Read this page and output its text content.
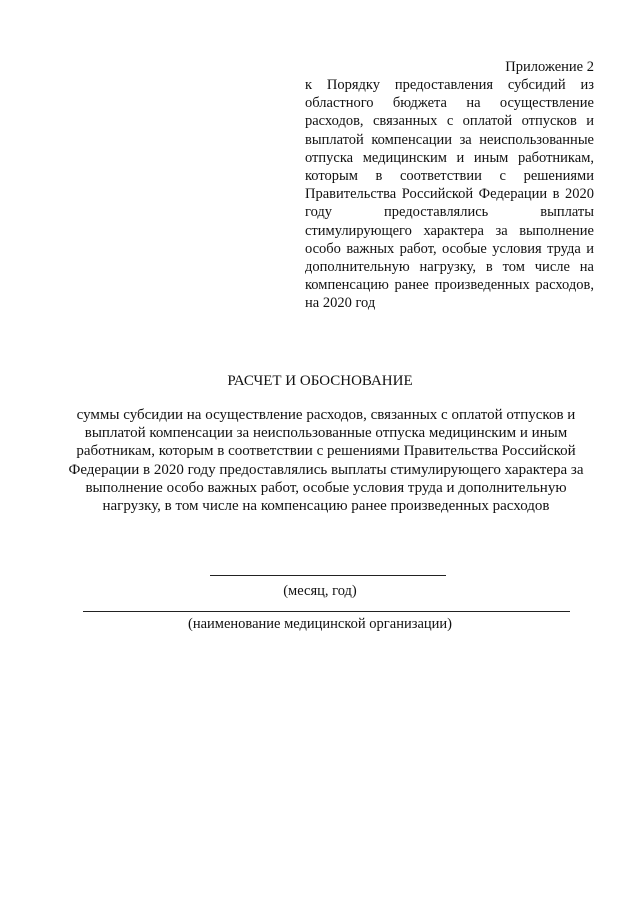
Приложение 2

к Порядку предоставления субсидий из областного бюджета на осуществление расходов, связанных с оплатой отпусков и выплатой компенсации за неиспользованные отпуска медицинским и иным работникам, которым в соответствии с решениями Правительства Российской Федерации в 2020 году предоставлялись выплаты стимулирующего характера за выполнение особо важных работ, особые условия труда и дополнительную нагрузку, в том числе на компенсацию ранее произведенных расходов, на 2020 год

РАСЧЕТ И ОБОСНОВАНИЕ

суммы субсидии на осуществление расходов, связанных с оплатой отпусков и выплатой компенсации за неиспользованные отпуска медицинским и иным работникам, которым в соответствии с решениями Правительства Российской Федерации в 2020 году предоставлялись выплаты стимулирующего характера за выполнение особо важных работ, особые условия труда и дополнительную нагрузку, в том числе на компенсацию ранее произведенных расходов

(месяц, год)
(наименование медицинской организации)
